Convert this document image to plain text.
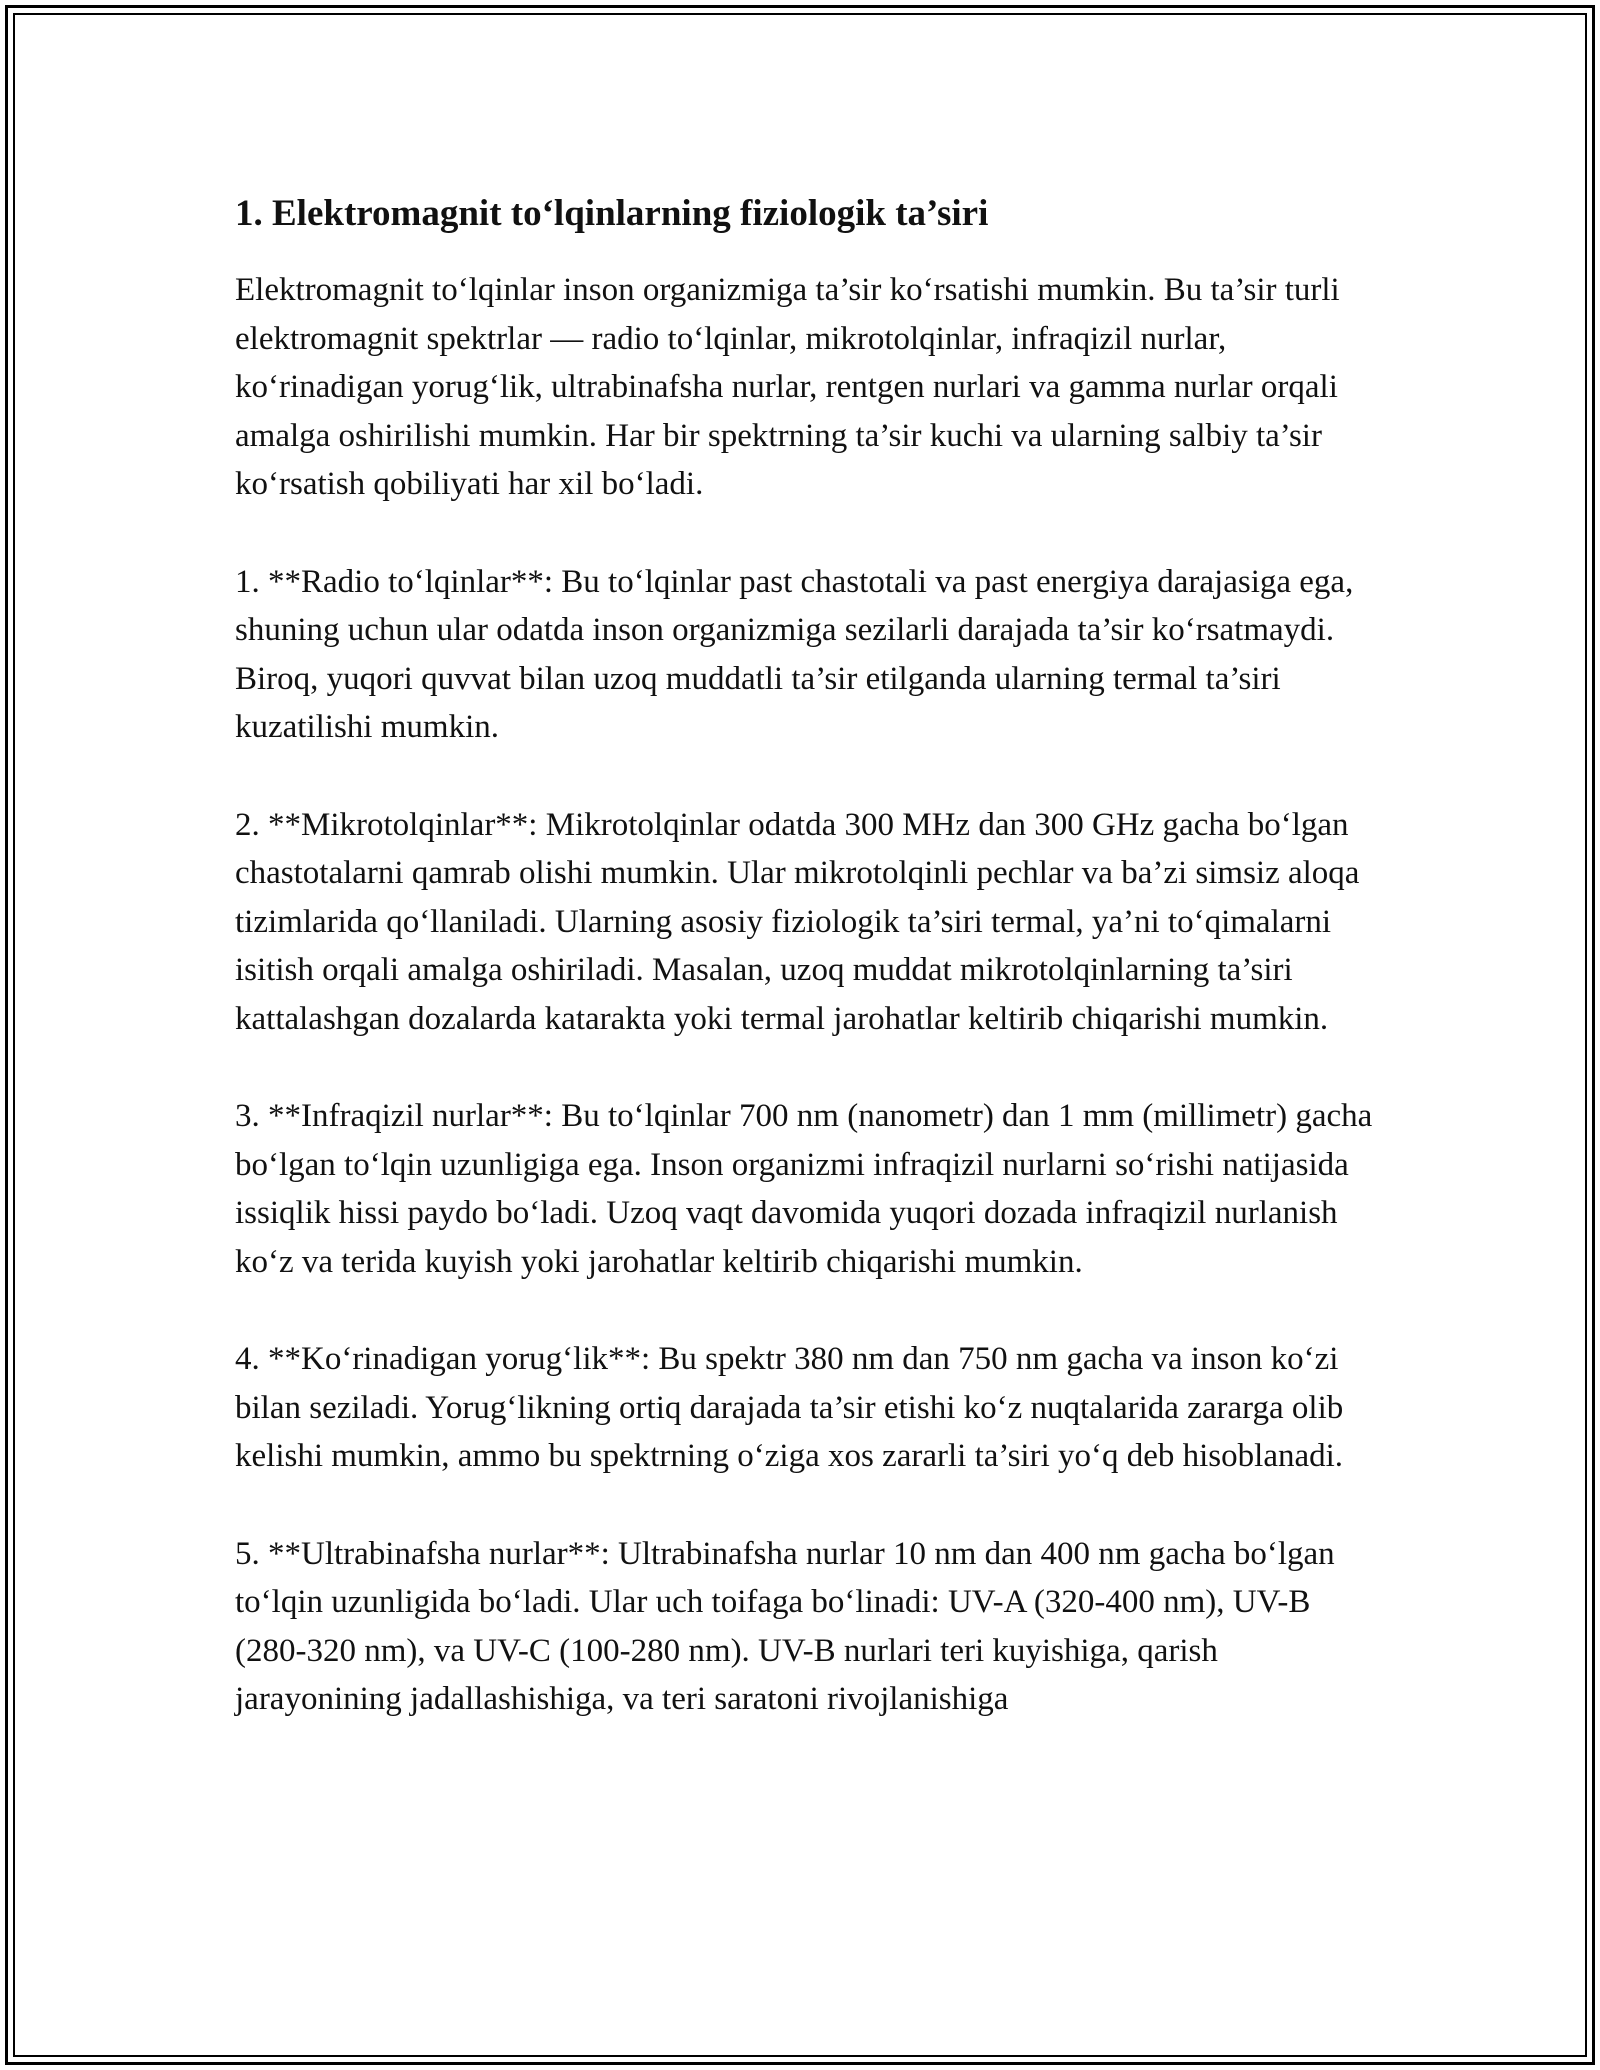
1. Elektromagnit to‘lqinlarning fiziologik ta’siri

Elektromagnit to‘lqinlar inson organizmiga ta’sir ko‘rsatishi mumkin. Bu ta’sir turli elektromagnit spektrlar — radio to‘lqinlar, mikrotolqinlar, infraqizil nurlar, ko‘rinadigan yorug‘lik, ultrabinafsha nurlar, rentgen nurlari va gamma nurlar orqali amalga oshirilishi mumkin. Har bir spektrning ta’sir kuchi va ularning salbiy ta’sir ko‘rsatish qobiliyati har xil bo‘ladi.

1. **Radio to‘lqinlar**: Bu to‘lqinlar past chastotali va past energiya darajasiga ega, shuning uchun ular odatda inson organizmiga sezilarli darajada ta’sir ko‘rsatmaydi. Biroq, yuqori quvvat bilan uzoq muddatli ta’sir etilganda ularning termal ta’siri kuzatilishi mumkin.

2. **Mikrotolqinlar**: Mikrotolqinlar odatda 300 MHz dan 300 GHz gacha bo‘lgan chastotalarni qamrab olishi mumkin. Ular mikrotolqinli pechlar va ba’zi simsiz aloqa tizimlarida qo‘llaniladi. Ularning asosiy fiziologik ta’siri termal, ya’ni to‘qimalarni isitish orqali amalga oshiriladi. Masalan, uzoq muddat mikrotolqinlarning ta’siri kattalashgan dozalarda katarakta yoki termal jarohatlar keltirib chiqarishi mumkin.

3. **Infraqizil nurlar**: Bu to‘lqinlar 700 nm (nanometr) dan 1 mm (millimetr) gacha bo‘lgan to‘lqin uzunligiga ega. Inson organizmi infraqizil nurlarni so‘rishi natijasida issiqlik hissi paydo bo‘ladi. Uzoq vaqt davomida yuqori dozada infraqizil nurlanish ko‘z va terida kuyish yoki jarohatlar keltirib chiqarishi mumkin.

4. **Ko‘rinadigan yorug‘lik**: Bu spektr 380 nm dan 750 nm gacha va inson ko‘zi bilan seziladi. Yorug‘likning ortiq darajada ta’sir etishi ko‘z nuqtalarida zararga olib kelishi mumkin, ammo bu spektrning o‘ziga xos zararli ta’siri yo‘q deb hisoblanadi.

5. **Ultrabinafsha nurlar**: Ultrabinafsha nurlar 10 nm dan 400 nm gacha bo‘lgan to‘lqin uzunligida bo‘ladi. Ular uch toifaga bo‘linadi: UV-A (320-400 nm), UV-B (280-320 nm), va UV-C (100-280 nm). UV-B nurlari teri kuyishiga, qarish jarayonining jadallashishiga, va teri saratoni rivojlanishiga
